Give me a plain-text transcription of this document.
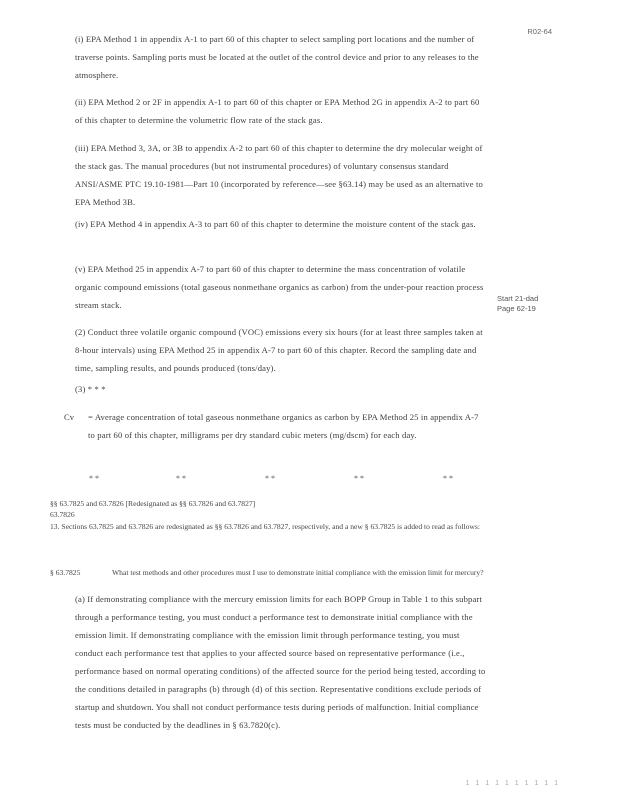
R02-64
(i) EPA Method 1 in appendix A-1 to part 60 of this chapter to select sampling port locations and the number of traverse points. Sampling ports must be located at the outlet of the control device and prior to any releases to the atmosphere.
(ii) EPA Method 2 or 2F in appendix A-1 to part 60 of this chapter or EPA Method 2G in appendix A-2 to part 60 of this chapter to determine the volumetric flow rate of the stack gas.
(iii) EPA Method 3, 3A, or 3B to appendix A-2 to part 60 of this chapter to determine the dry molecular weight of the stack gas. The manual procedures (but not instrumental procedures) of voluntary consensus standard ANSI/ASME PTC 19.10-1981—Part 10 (incorporated by reference—see §63.14) may be used as an alternative to EPA Method 3B.
(iv) EPA Method 4 in appendix A-3 to part 60 of this chapter to determine the moisture content of the stack gas.
(v) EPA Method 25 in appendix A-7 to part 60 of this chapter to determine the mass concentration of volatile organic compound emissions (total gaseous nonmethane organics as carbon) from the under-pour reaction process stream stack.
Start 21-dad
Page 62-19
(2) Conduct three volatile organic compound (VOC) emissions every six hours (for at least three samples taken at 8-hour intervals) using EPA Method 25 in appendix A-7 to part 60 of this chapter. Record the sampling date and time, sampling results, and pounds produced (tons/day).
(3) * * *
Cv = Average concentration of total gaseous nonmethane organics as carbon by EPA Method 25 in appendix A-7 to part 60 of this chapter, milligrams per dry standard cubic meters (mg/dscm) for each day.
* *	* *	* *	* *	* *
§§ 63.7825 and 63.7826 [Redesignated as §§ 63.7826 and 63.7827]
63.7826
13. Sections 63.7825 and 63.7826 are redesignated as §§ 63.7826 and 63.7827, respectively, and a new § 63.7825 is added to read as follows:
§ 63.7825	What test methods and other procedures must I use to demonstrate initial compliance with the emission limit for mercury?
(a) If demonstrating compliance with the mercury emission limits for each BOPP Group in Table 1 to this subpart through a performance testing, you must conduct a performance test to demonstrate initial compliance with the emission limit. If demonstrating compliance with the emission limit through performance testing, you must conduct each performance test that applies to your affected source based on representative performance (i.e., performance based on normal operating conditions) of the affected source for the period being tested, according to the conditions detailed in paragraphs (b) through (d) of this section. Representative conditions exclude periods of startup and shutdown. You shall not conduct performance tests during periods of malfunction. Initial compliance tests must be conducted by the deadlines in § 63.7820(c).
1 1 1 1 1 1 1 1 1 1
